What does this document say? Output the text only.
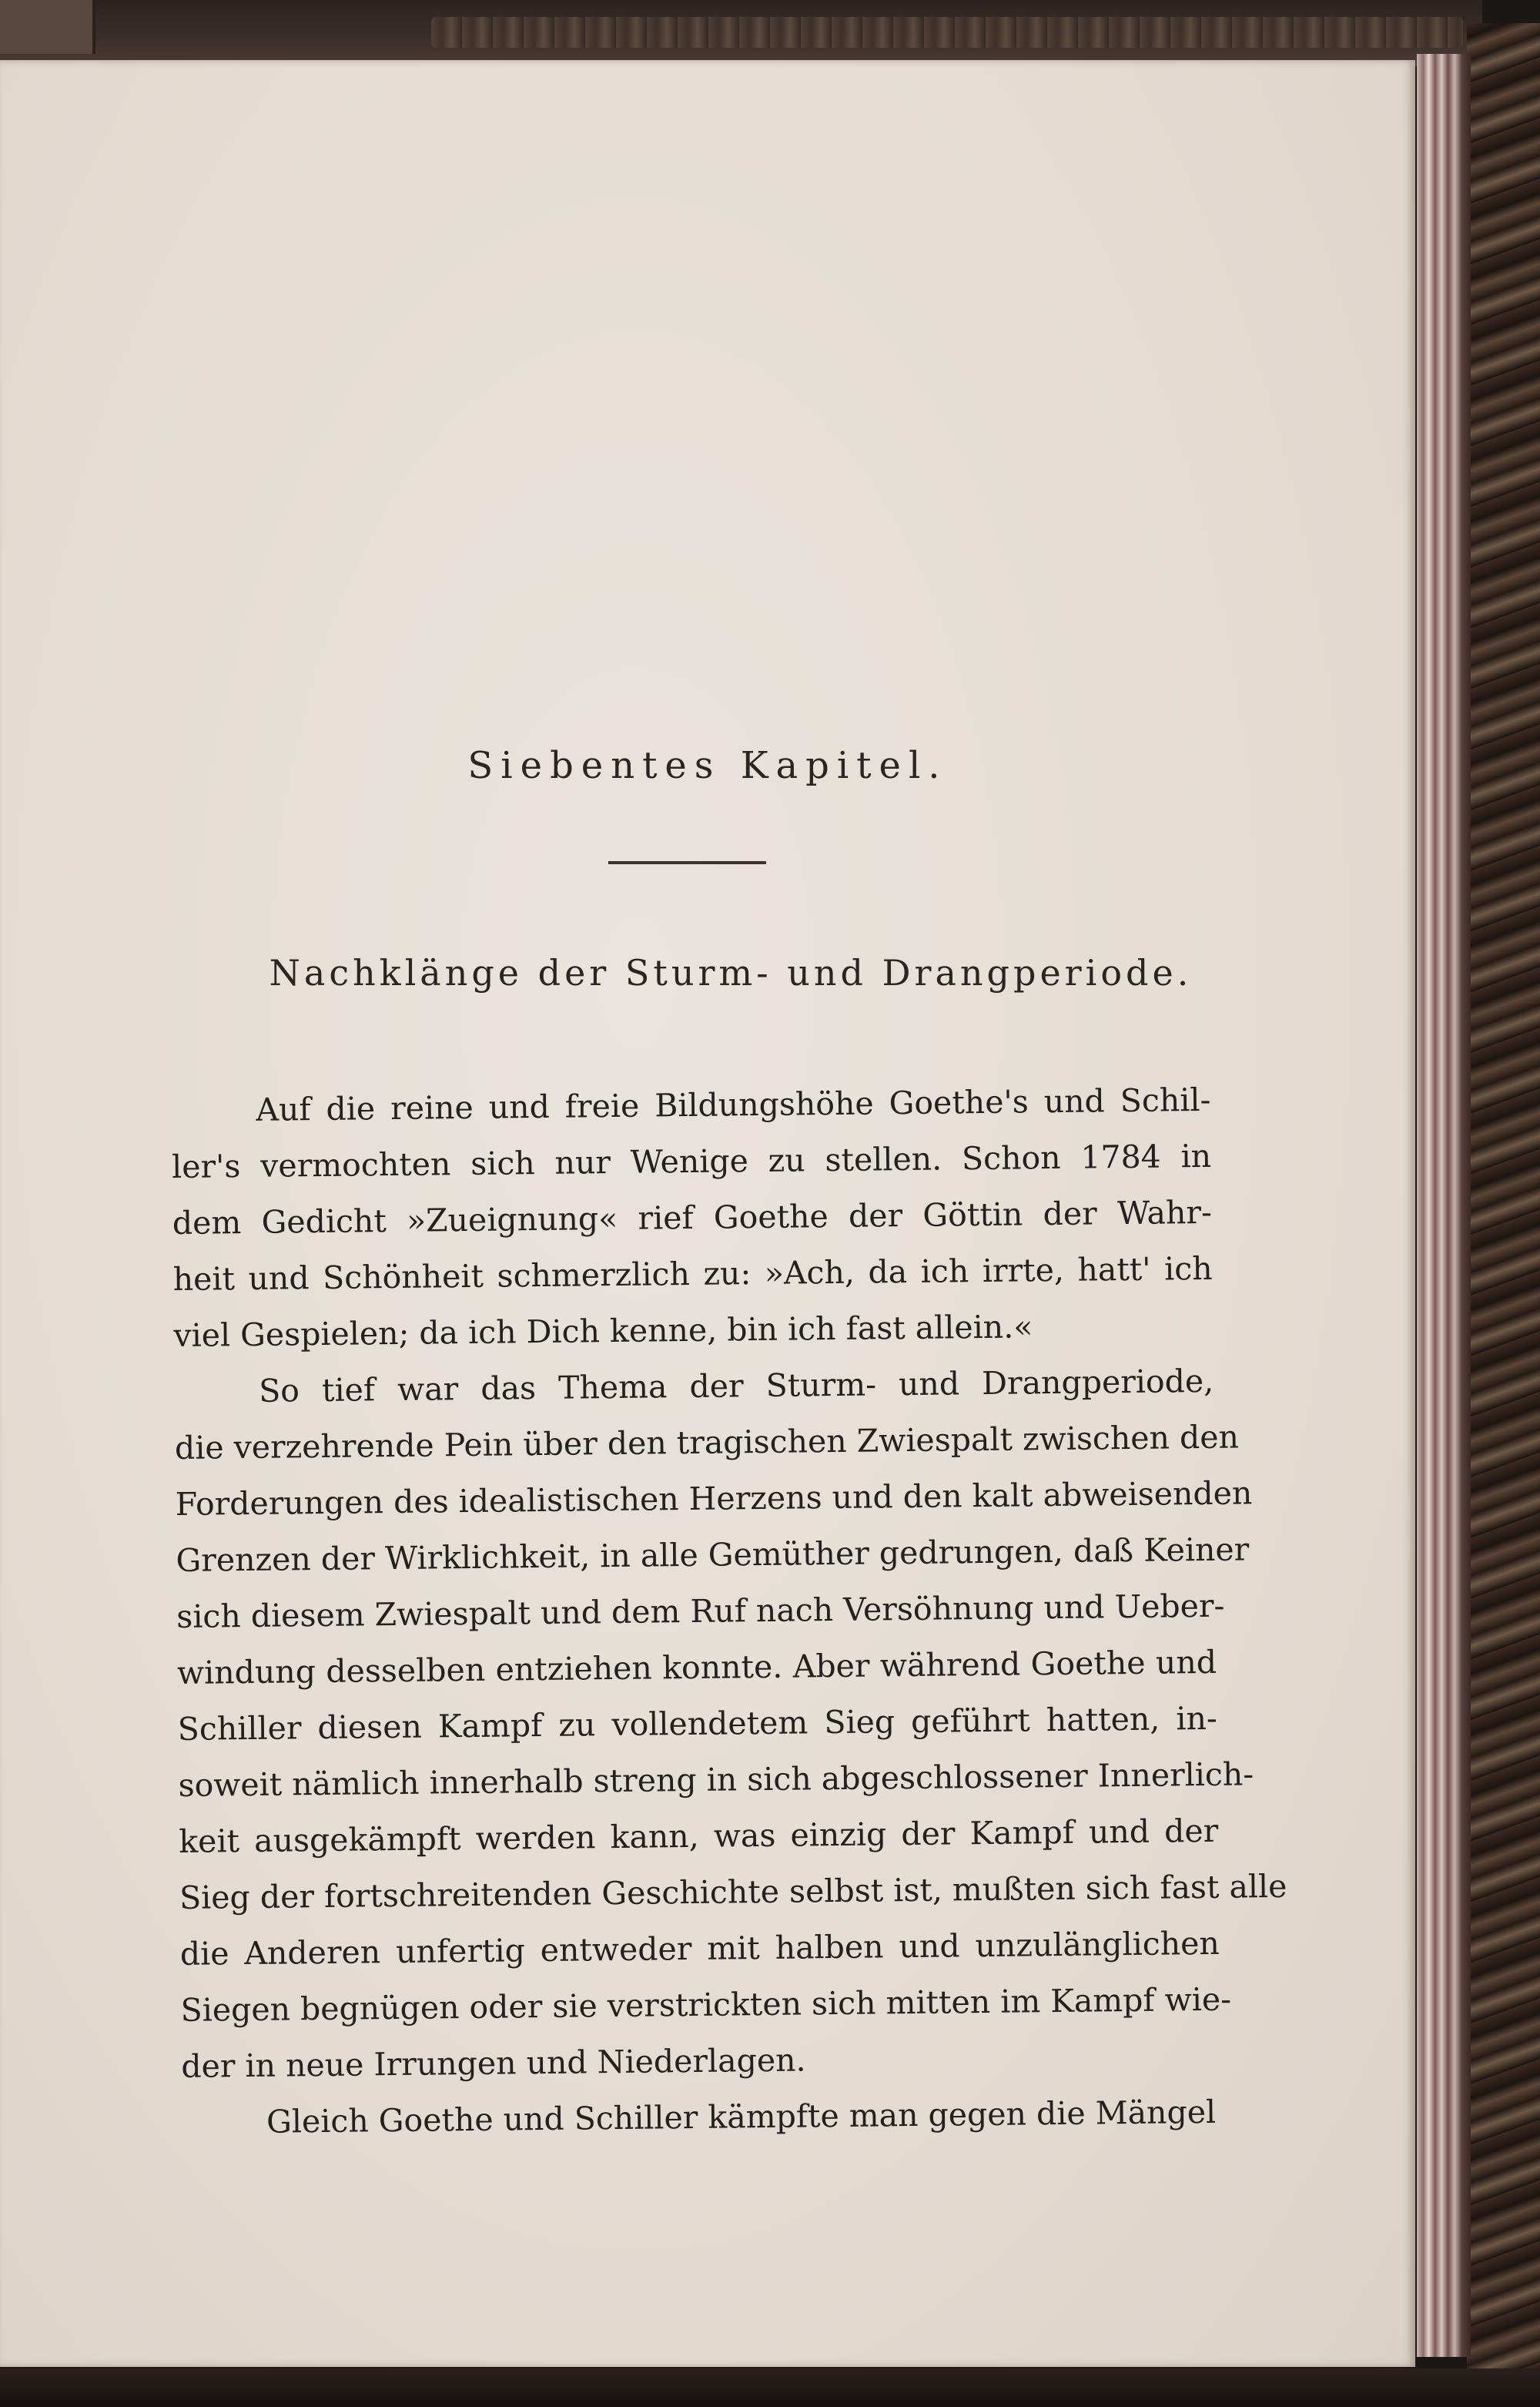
Siebentes Kapitel.
Nachklänge der Sturm- und Drangperiode.
Auf die reine und freie Bildungshöhe Goethe's und Schil-
ler's vermochten sich nur Wenige zu stellen. Schon 1784 in
dem Gedicht »Zueignung« rief Goethe der Göttin der Wahr-
heit und Schönheit schmerzlich zu: »Ach, da ich irrte, hatt' ich
viel Gespielen; da ich Dich kenne, bin ich fast allein.«
So tief war das Thema der Sturm- und Drangperiode,
die verzehrende Pein über den tragischen Zwiespalt zwischen den
Forderungen des idealistischen Herzens und den kalt abweisenden
Grenzen der Wirklichkeit, in alle Gemüther gedrungen, daß Keiner
sich diesem Zwiespalt und dem Ruf nach Versöhnung und Ueber-
windung desselben entziehen konnte. Aber während Goethe und
Schiller diesen Kampf zu vollendetem Sieg geführt hatten, in-
soweit nämlich innerhalb streng in sich abgeschlossener Innerlich-
keit ausgekämpft werden kann, was einzig der Kampf und der
Sieg der fortschreitenden Geschichte selbst ist, mußten sich fast alle
die Anderen unfertig entweder mit halben und unzulänglichen
Siegen begnügen oder sie verstrickten sich mitten im Kampf wie-
der in neue Irrungen und Niederlagen.
Gleich Goethe und Schiller kämpfte man gegen die Mängel
